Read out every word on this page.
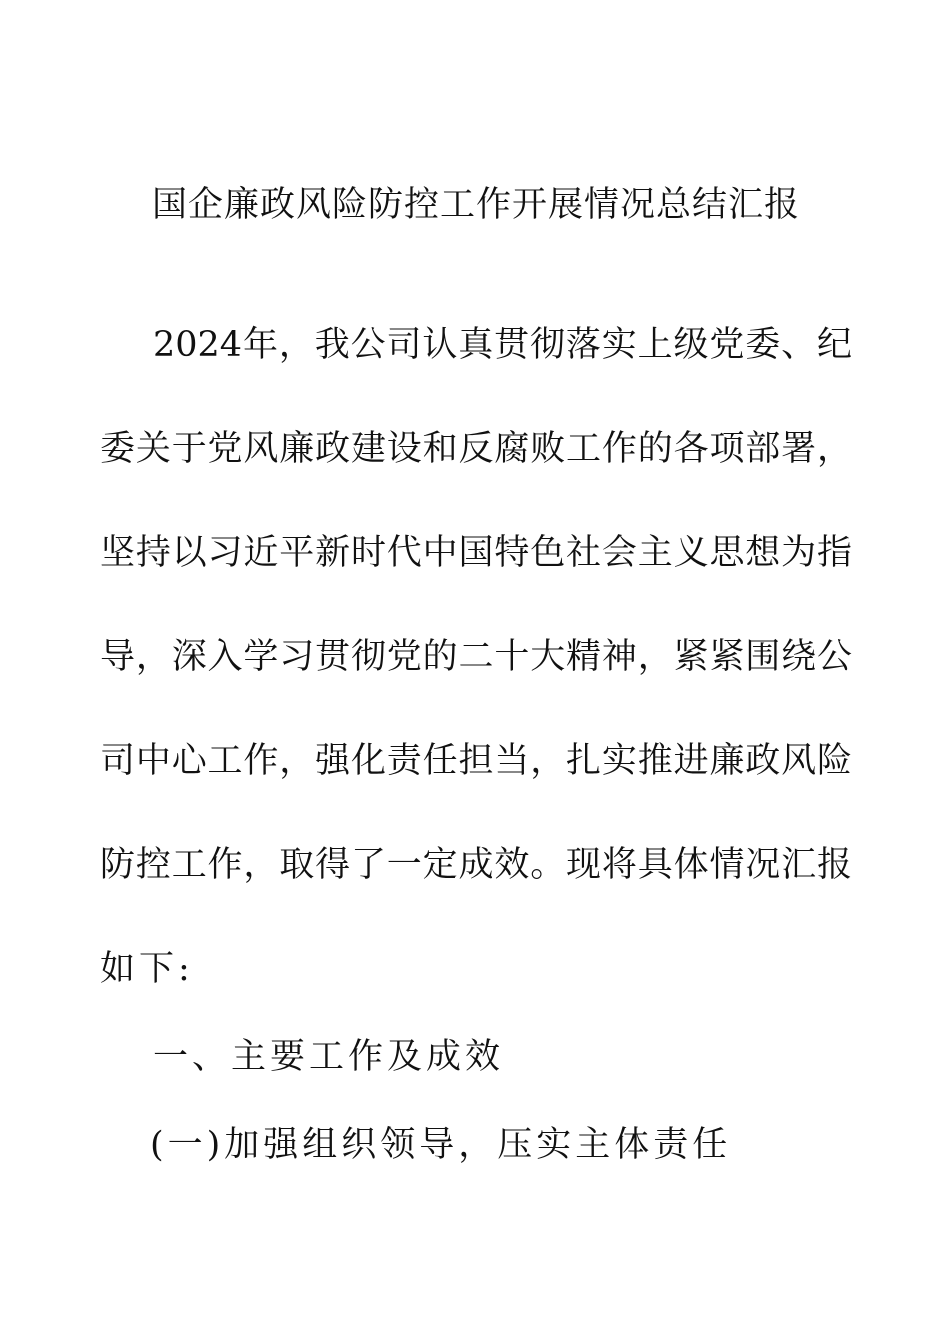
国企廉政风险防控工作开展情况总结汇报
2024年，我公司认真贯彻落实上级党委、纪
委关于党风廉政建设和反腐败工作的各项部署，
坚持以习近平新时代中国特色社会主义思想为指
导，深入学习贯彻党的二十大精神，紧紧围绕公
司中心工作，强化责任担当，扎实推进廉政风险
防控工作，取得了一定成效。现将具体情况汇报
如下:
一、主要工作及成效
(一)加强组织领导，压实主体责任
